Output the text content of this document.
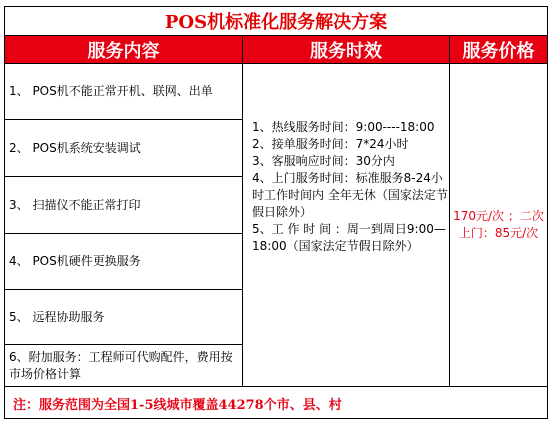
POS机标准化服务解决方案
服务内容	服务时效	服务价格
1、 POS机不能正常开机、联网、出单
2、 POS机系统安装调试
3、 扫描仪不能正常打印
4、 POS机硬件更换服务
5、 远程协助服务
6、附加服务：工程师可代购配件，费用按市场价格计算
1、热线服务时间：9:00----18:00
2、接单服务时间：7*24小时
3、客服响应时间：30分内
4、上门服务时间：标准服务8-24小时工作时间内 全年无休（国家法定节假日除外）
5、工 作 时 间 ：周一到周日9:00—18:00（国家法定节假日除外）
170元/次 ；二次上门：85元/次
注：服务范围为全国1-5线城市覆盖44278个市、县、村
